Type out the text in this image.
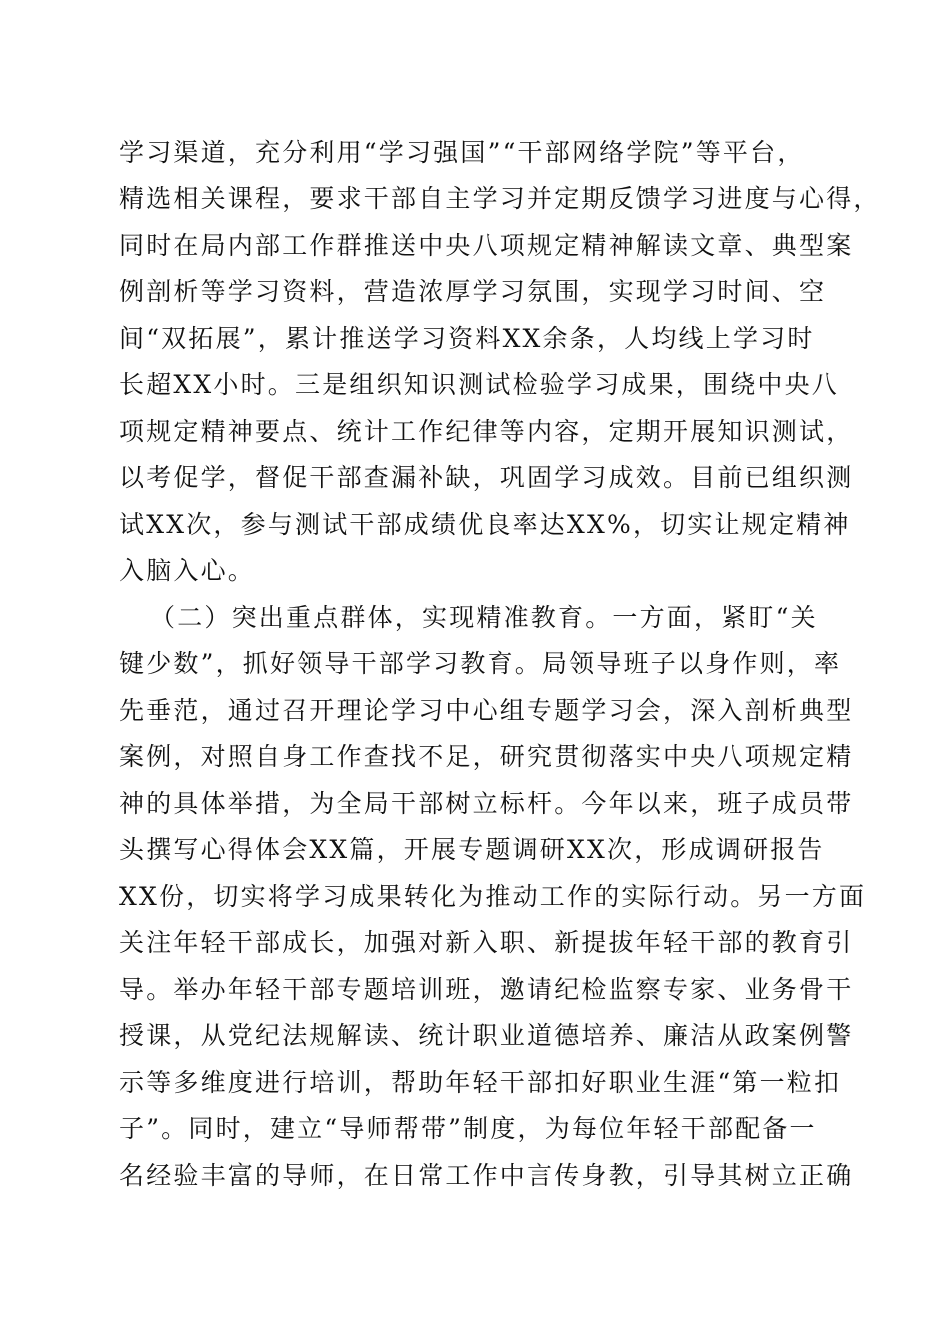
学习渠道，充分利用“学习强国”“干部网络学院”等平台，
精选相关课程，要求干部自主学习并定期反馈学习进度与心得，
同时在局内部工作群推送中央八项规定精神解读文章、典型案
例剖析等学习资料，营造浓厚学习氛围，实现学习时间、空
间“双拓展”，累计推送学习资料XX余条，人均线上学习时
长超XX小时。三是组织知识测试检验学习成果，围绕中央八
项规定精神要点、统计工作纪律等内容，定期开展知识测试，
以考促学，督促干部查漏补缺，巩固学习成效。目前已组织测
试XX次，参与测试干部成绩优良率达XX%，切实让规定精神
入脑入心。
（二）突出重点群体，实现精准教育。一方面，紧盯“关
键少数”，抓好领导干部学习教育。局领导班子以身作则，率
先垂范，通过召开理论学习中心组专题学习会，深入剖析典型
案例，对照自身工作查找不足，研究贯彻落实中央八项规定精
神的具体举措，为全局干部树立标杆。今年以来，班子成员带
头撰写心得体会XX篇，开展专题调研XX次，形成调研报告
XX份，切实将学习成果转化为推动工作的实际行动。另一方面
关注年轻干部成长，加强对新入职、新提拔年轻干部的教育引
导。举办年轻干部专题培训班，邀请纪检监察专家、业务骨干
授课，从党纪法规解读、统计职业道德培养、廉洁从政案例警
示等多维度进行培训，帮助年轻干部扣好职业生涯“第一粒扣
子”。同时，建立“导师帮带”制度，为每位年轻干部配备一
名经验丰富的导师，在日常工作中言传身教，引导其树立正确
